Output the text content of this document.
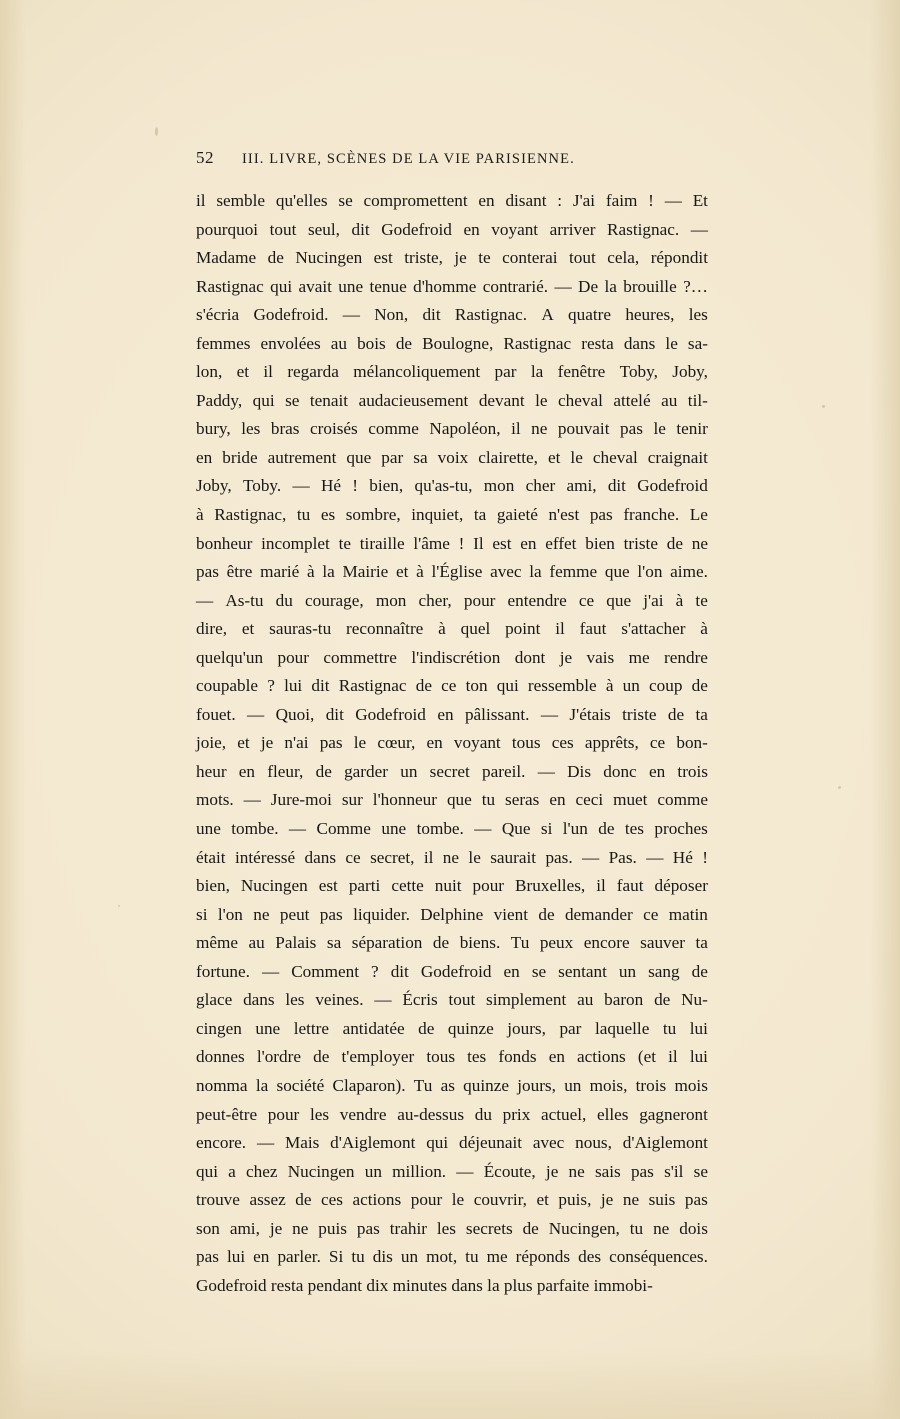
52	III. LIVRE, SCÈNES DE LA VIE PARISIENNE.

il semble qu'elles se compromettent en disant : J'ai faim ! — Et
pourquoi tout seul, dit Godefroid en voyant arriver Rastignac. —
Madame de Nucingen est triste, je te conterai tout cela, répondit
Rastignac qui avait une tenue d'homme contrarié. — De la brouille ?…
s'écria Godefroid. — Non, dit Rastignac. A quatre heures, les
femmes envolées au bois de Boulogne, Rastignac resta dans le sa-
lon, et il regarda mélancoliquement par la fenêtre Toby, Joby,
Paddy, qui se tenait audacieusement devant le cheval attelé au til-
bury, les bras croisés comme Napoléon, il ne pouvait pas le tenir
en bride autrement que par sa voix clairette, et le cheval craignait
Joby, Toby. — Hé ! bien, qu'as-tu, mon cher ami, dit Godefroid
à Rastignac, tu es sombre, inquiet, ta gaieté n'est pas franche. Le
bonheur incomplet te tiraille l'âme ! Il est en effet bien triste de ne
pas être marié à la Mairie et à l'Église avec la femme que l'on aime.
— As-tu du courage, mon cher, pour entendre ce que j'ai à te
dire, et sauras-tu reconnaître à quel point il faut s'attacher à
quelqu'un pour commettre l'indiscrétion dont je vais me rendre
coupable ? lui dit Rastignac de ce ton qui ressemble à un coup de
fouet. — Quoi, dit Godefroid en pâlissant. — J'étais triste de ta
joie, et je n'ai pas le cœur, en voyant tous ces apprêts, ce bon-
heur en fleur, de garder un secret pareil. — Dis donc en trois
mots. — Jure-moi sur l'honneur que tu seras en ceci muet comme
une tombe. — Comme une tombe. — Que si l'un de tes proches
était intéressé dans ce secret, il ne le saurait pas. — Pas. — Hé !
bien, Nucingen est parti cette nuit pour Bruxelles, il faut déposer
si l'on ne peut pas liquider. Delphine vient de demander ce matin
même au Palais sa séparation de biens. Tu peux encore sauver ta
fortune. — Comment ? dit Godefroid en se sentant un sang de
glace dans les veines. — Écris tout simplement au baron de Nu-
cingen une lettre antidatée de quinze jours, par laquelle tu lui
donnes l'ordre de t'employer tous tes fonds en actions (et il lui
nomma la société Claparon). Tu as quinze jours, un mois, trois mois
peut-être pour les vendre au-dessus du prix actuel, elles gagneront
encore. — Mais d'Aiglemont qui déjeunait avec nous, d'Aiglemont
qui a chez Nucingen un million. — Écoute, je ne sais pas s'il se
trouve assez de ces actions pour le couvrir, et puis, je ne suis pas
son ami, je ne puis pas trahir les secrets de Nucingen, tu ne dois
pas lui en parler. Si tu dis un mot, tu me réponds des conséquences.
Godefroid resta pendant dix minutes dans la plus parfaite immobi-
